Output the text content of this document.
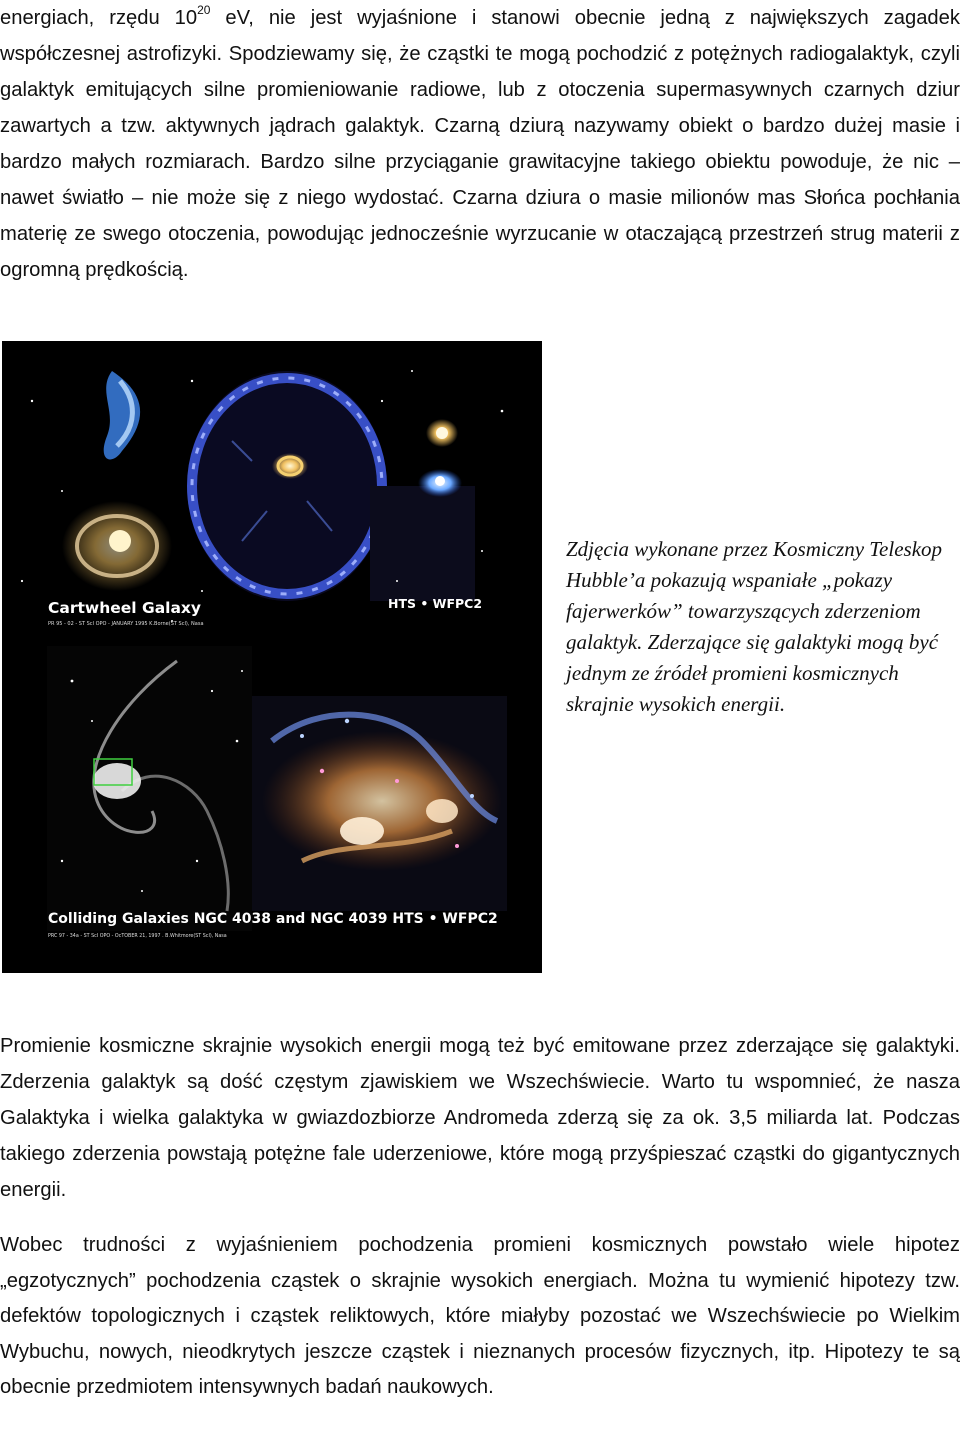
energiach, rzędu $10^{20}$ eV, nie jest wyjaśnione i stanowi obecnie jedną z największych zagadek współczesnej astrofizyki. Spodziewamy się, że cząstki te mogą pochodzić z potężnych radiogalaktyk, czyli galaktyk emitujących silne promieniowanie radiowe, lub z otoczenia supermasywnych czarnych dziur zawartych a tzw. aktywnych jądrach galaktyk. Czarną dziurą nazywamy obiekt o bardzo dużej masie i bardzo małych rozmiarach. Bardzo silne przyciąganie grawitacyjne takiego obiektu powoduje, że nic – nawet światło – nie może się z niego wydostać. Czarna dziura o masie milionów mas Słońca pochłania materię ze swego otoczenia, powodując jednocześnie wyrzucanie w otaczającą przestrzeń strug materii z ogromną prędkością.

Cartwheel Galaxy
PR 95 - 02 - ST ScI OPO - JANUARY 1995 K.Borne(ST ScI), Nasa
HTS • WFPC2
Colliding Galaxies NGC 4038 and NGC 4039 HTS • WFPC2
PRC 97 - 34a - ST ScI OPO - OcTOBER 21, 1997 . B.Whitmore(ST ScI), Nasa
Zdjęcia wykonane przez Kosmiczny Teleskop Hubble’a pokazują wspaniałe „pokazy fajerwerków” towarzyszących zderzeniom galaktyk. Zderzające się galaktyki mogą być jednym ze źródeł promieni kosmicznych skrajnie wysokich energii.

Promienie kosmiczne skrajnie wysokich energii mogą też być emitowane przez zderzające się galaktyki. Zderzenia galaktyk są dość częstym zjawiskiem we Wszechświecie. Warto tu wspomnieć, że nasza Galaktyka i wielka galaktyka w gwiazdozbiorze Andromeda zderzą się za ok. 3,5 miliarda lat. Podczas takiego zderzenia powstają potężne fale uderzeniowe, które mogą przyśpieszać cząstki do gigantycznych energii.

Wobec trudności z wyjaśnieniem pochodzenia promieni kosmicznych powstało wiele hipotez „egzotycznych” pochodzenia cząstek o skrajnie wysokich energiach. Można tu wymienić hipotezy tzw. defektów topologicznych i cząstek reliktowych, które miałyby pozostać we Wszechświecie po Wielkim Wybuchu, nowych, nieodkrytych jeszcze cząstek i nieznanych procesów fizycznych, itp. Hipotezy te są obecnie przedmiotem intensywnych badań naukowych.
